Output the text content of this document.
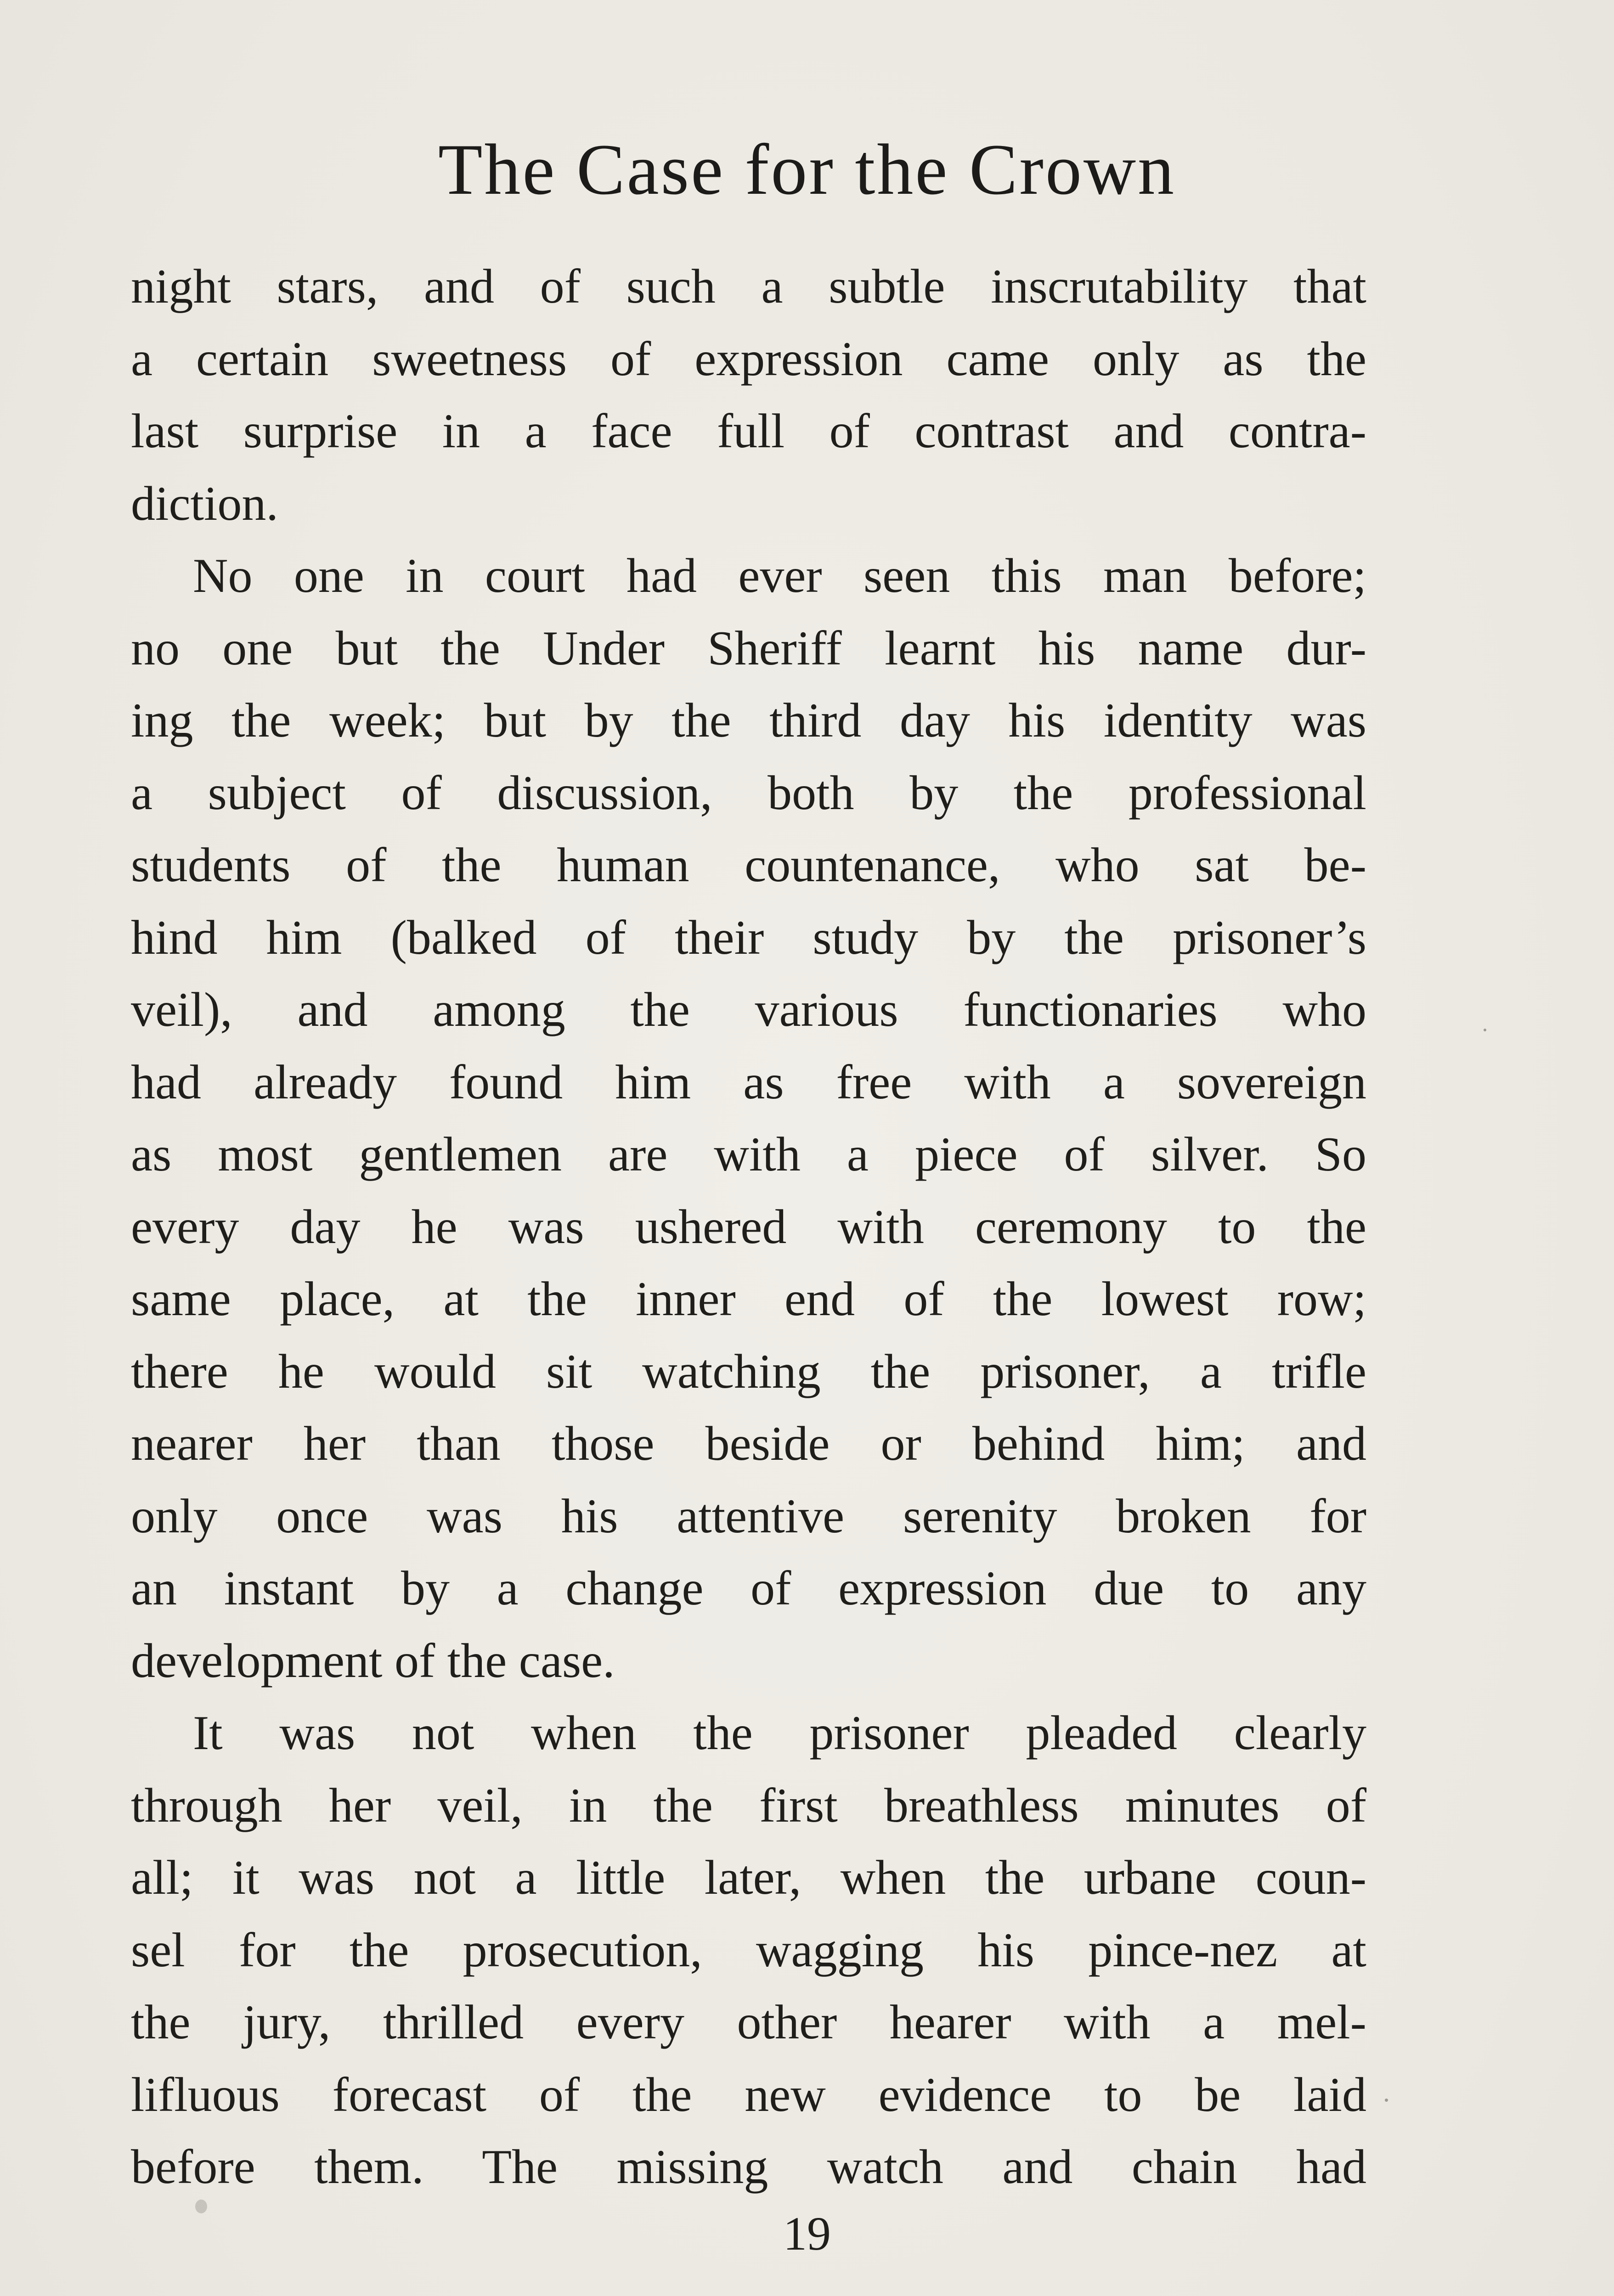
The Case for the Crown
night stars, and of such a subtle inscrutability that
a certain sweetness of expression came only as the
last surprise in a face full of contrast and contra-
diction.
No one in court had ever seen this man before;
no one but the Under Sheriff learnt his name dur-
ing the week; but by the third day his identity was
a subject of discussion, both by the professional
students of the human countenance, who sat be-
hind him (balked of their study by the prisoner’s
veil), and among the various functionaries who
had already found him as free with a sovereign
as most gentlemen are with a piece of silver. So
every day he was ushered with ceremony to the
same place, at the inner end of the lowest row;
there he would sit watching the prisoner, a trifle
nearer her than those beside or behind him; and
only once was his attentive serenity broken for
an instant by a change of expression due to any
development of the case.
It was not when the prisoner pleaded clearly
through her veil, in the first breathless minutes of
all; it was not a little later, when the urbane coun-
sel for the prosecution, wagging his pince-nez at
the jury, thrilled every other hearer with a mel-
lifluous forecast of the new evidence to be laid
before them. The missing watch and chain had
19
